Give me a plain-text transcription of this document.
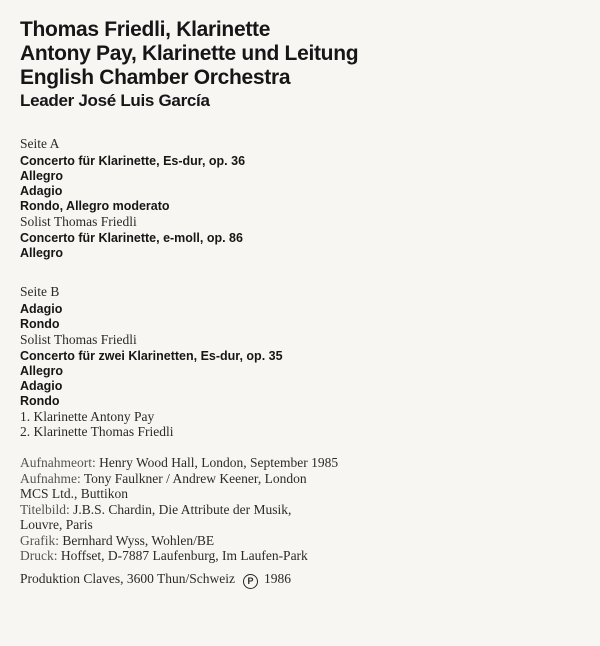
Thomas Friedli, Klarinette
Antony Pay, Klarinette und Leitung
English Chamber Orchestra
Leader José Luis García
Seite A
Concerto für Klarinette, Es-dur, op. 36
Allegro
Adagio
Rondo, Allegro moderato
Solist Thomas Friedli
Concerto für Klarinette, e-moll, op. 86
Allegro
Seite B
Adagio
Rondo
Solist Thomas Friedli
Concerto für zwei Klarinetten, Es-dur, op. 35
Allegro
Adagio
Rondo
1. Klarinette Antony Pay
2. Klarinette Thomas Friedli
Aufnahmeort: Henry Wood Hall, London, September 1985
Aufnahme: Tony Faulkner / Andrew Keener, London
MCS Ltd., Buttikon
Titelbild: J.B.S. Chardin, Die Attribute der Musik,
Louvre, Paris
Grafik: Bernhard Wyss, Wohlen/BE
Druck: Hoffset, D-7887 Laufenburg, Im Laufen-Park
Produktion Claves, 3600 Thun/Schweiz P 1986
